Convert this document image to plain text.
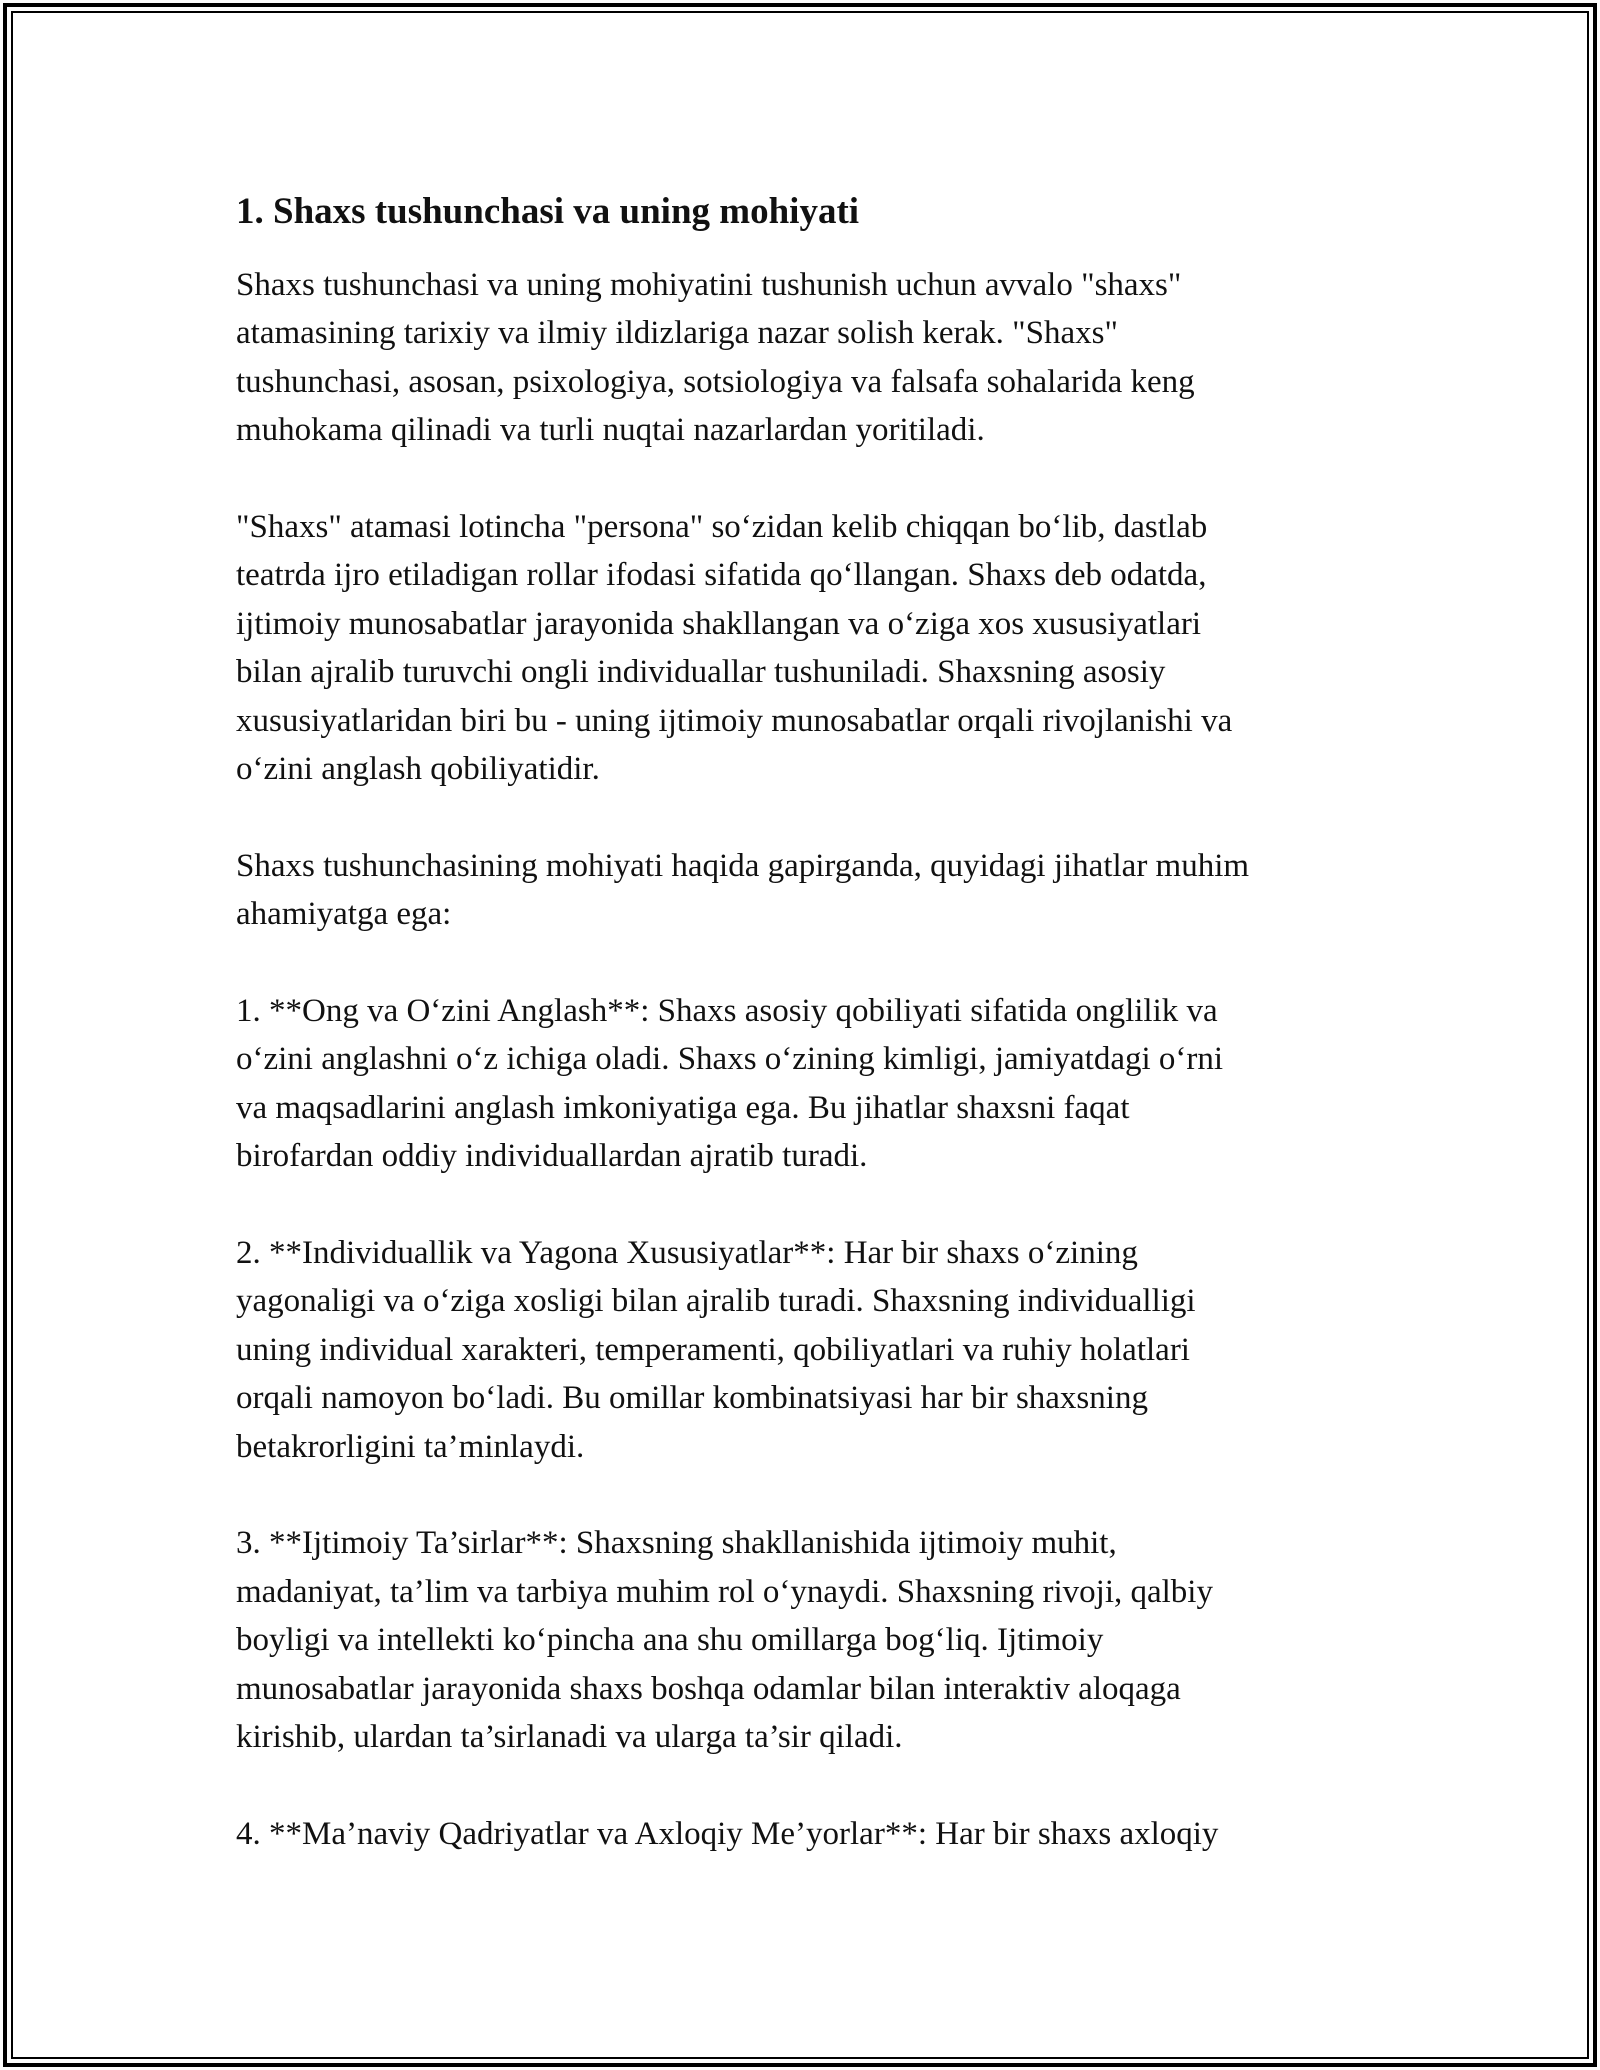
1. Shaxs tushunchasi va uning mohiyati

Shaxs tushunchasi va uning mohiyatini tushunish uchun avvalo "shaxs"
atamasining tarixiy va ilmiy ildizlariga nazar solish kerak. "Shaxs"
tushunchasi, asosan, psixologiya, sotsiologiya va falsafa sohalarida keng
muhokama qilinadi va turli nuqtai nazarlardan yoritiladi.

"Shaxs" atamasi lotincha "persona" so‘zidan kelib chiqqan bo‘lib, dastlab
teatrda ijro etiladigan rollar ifodasi sifatida qo‘llangan. Shaxs deb odatda,
ijtimoiy munosabatlar jarayonida shakllangan va o‘ziga xos xususiyatlari
bilan ajralib turuvchi ongli individuallar tushuniladi. Shaxsning asosiy
xususiyatlaridan biri bu - uning ijtimoiy munosabatlar orqali rivojlanishi va
o‘zini anglash qobiliyatidir.

Shaxs tushunchasining mohiyati haqida gapirganda, quyidagi jihatlar muhim
ahamiyatga ega:

1. **Ong va O‘zini Anglash**: Shaxs asosiy qobiliyati sifatida onglilik va
o‘zini anglashni o‘z ichiga oladi. Shaxs o‘zining kimligi, jamiyatdagi o‘rni
va maqsadlarini anglash imkoniyatiga ega. Bu jihatlar shaxsni faqat
birofardan oddiy individuallardan ajratib turadi.

2. **Individuallik va Yagona Xususiyatlar**: Har bir shaxs o‘zining
yagonaligi va o‘ziga xosligi bilan ajralib turadi. Shaxsning individualligi
uning individual xarakteri, temperamenti, qobiliyatlari va ruhiy holatlari
orqali namoyon bo‘ladi. Bu omillar kombinatsiyasi har bir shaxsning
betakrorligini ta’minlaydi.

3. **Ijtimoiy Ta’sirlar**: Shaxsning shakllanishida ijtimoiy muhit,
madaniyat, ta’lim va tarbiya muhim rol o‘ynaydi. Shaxsning rivoji, qalbiy
boyligi va intellekti ko‘pincha ana shu omillarga bog‘liq. Ijtimoiy
munosabatlar jarayonida shaxs boshqa odamlar bilan interaktiv aloqaga
kirishib, ulardan ta’sirlanadi va ularga ta’sir qiladi.

4. **Ma’naviy Qadriyatlar va Axloqiy Me’yorlar**: Har bir shaxs axloqiy
